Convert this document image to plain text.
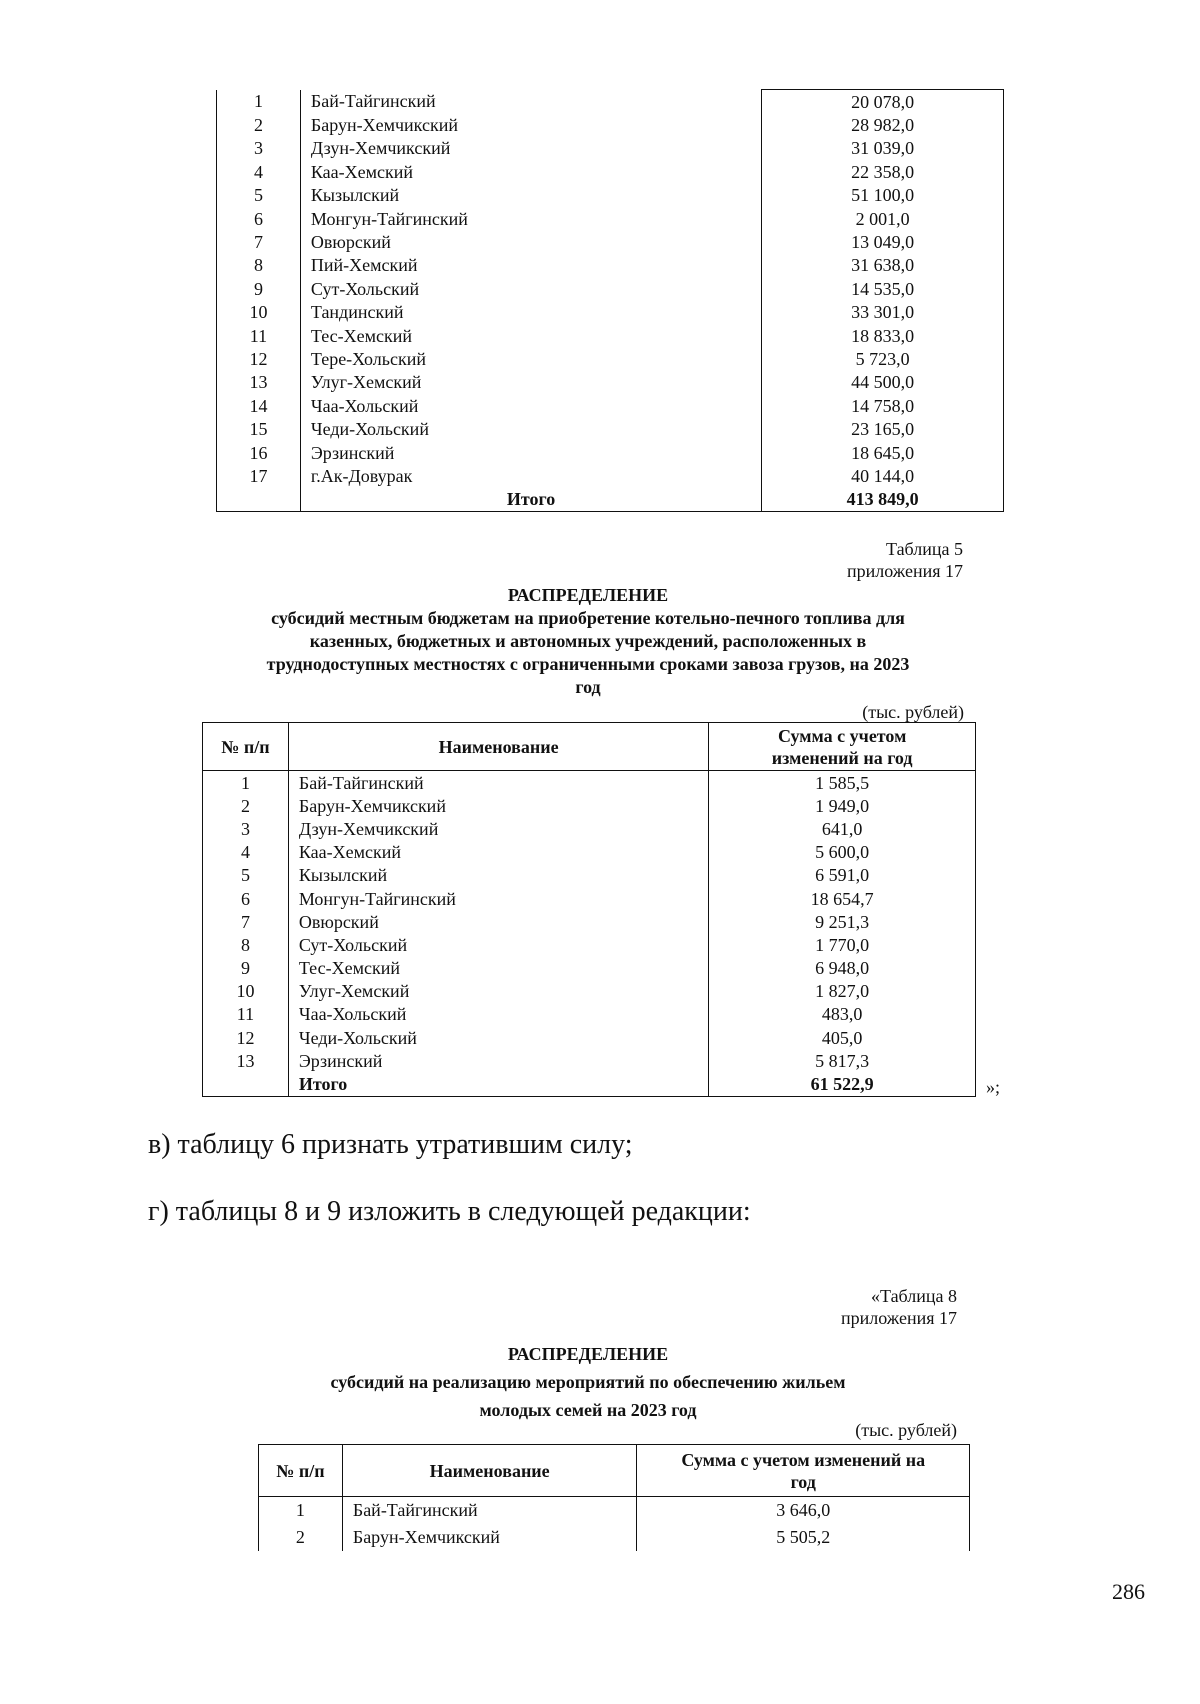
1	Бай-Тайгинский	20 078,0
2	Барун-Хемчикский	28 982,0
3	Дзун-Хемчикский	31 039,0
4	Каа-Хемский	22 358,0
5	Кызылский	51 100,0
6	Монгун-Тайгинский	2 001,0
7	Овюрский	13 049,0
8	Пий-Хемский	31 638,0
9	Сут-Хольский	14 535,0
10	Тандинский	33 301,0
11	Тес-Хемский	18 833,0
12	Тере-Хольский	5 723,0
13	Улуг-Хемский	44 500,0
14	Чаа-Хольский	14 758,0
15	Чеди-Хольский	23 165,0
16	Эрзинский	18 645,0
17	г.Ак-Довурак	40 144,0
	Итого	413 849,0
Таблица 5
приложения 17
РАСПРЕДЕЛЕНИЕ
субсидий местным бюджетам на приобретение котельно-печного топлива для
казенных, бюджетных и автономных учреждений, расположенных в
труднодоступных местностях с ограниченными сроками завоза грузов, на 2023
год
(тыс. рублей)
№ п/п	Наименование	Сумма с учетом
изменений на год

1	Бай-Тайгинский	1 585,5
2	Барун-Хемчикский	1 949,0
3	Дзун-Хемчикский	641,0
4	Каа-Хемский	5 600,0
5	Кызылский	6 591,0
6	Монгун-Тайгинский	18 654,7
7	Овюрский	9 251,3
8	Сут-Хольский	1 770,0
9	Тес-Хемский	6 948,0
10	Улуг-Хемский	1 827,0
11	Чаа-Хольский	483,0
12	Чеди-Хольский	405,0
13	Эрзинский	5 817,3
	Итого	61 522,9	»;
в) таблицу 6 признать утратившим силу;
г) таблицы 8 и 9 изложить в следующей редакции:
«Таблица 8
приложения 17
РАСПРЕДЕЛЕНИЕ
субсидий на реализацию мероприятий по обеспечению жильем
молодых семей на 2023 год
(тыс. рублей)
№ п/п	Наименование	Сумма с учетом изменений на
год

1	Бай-Тайгинский	3 646,0
2	Барун-Хемчикский	5 505,2
286
